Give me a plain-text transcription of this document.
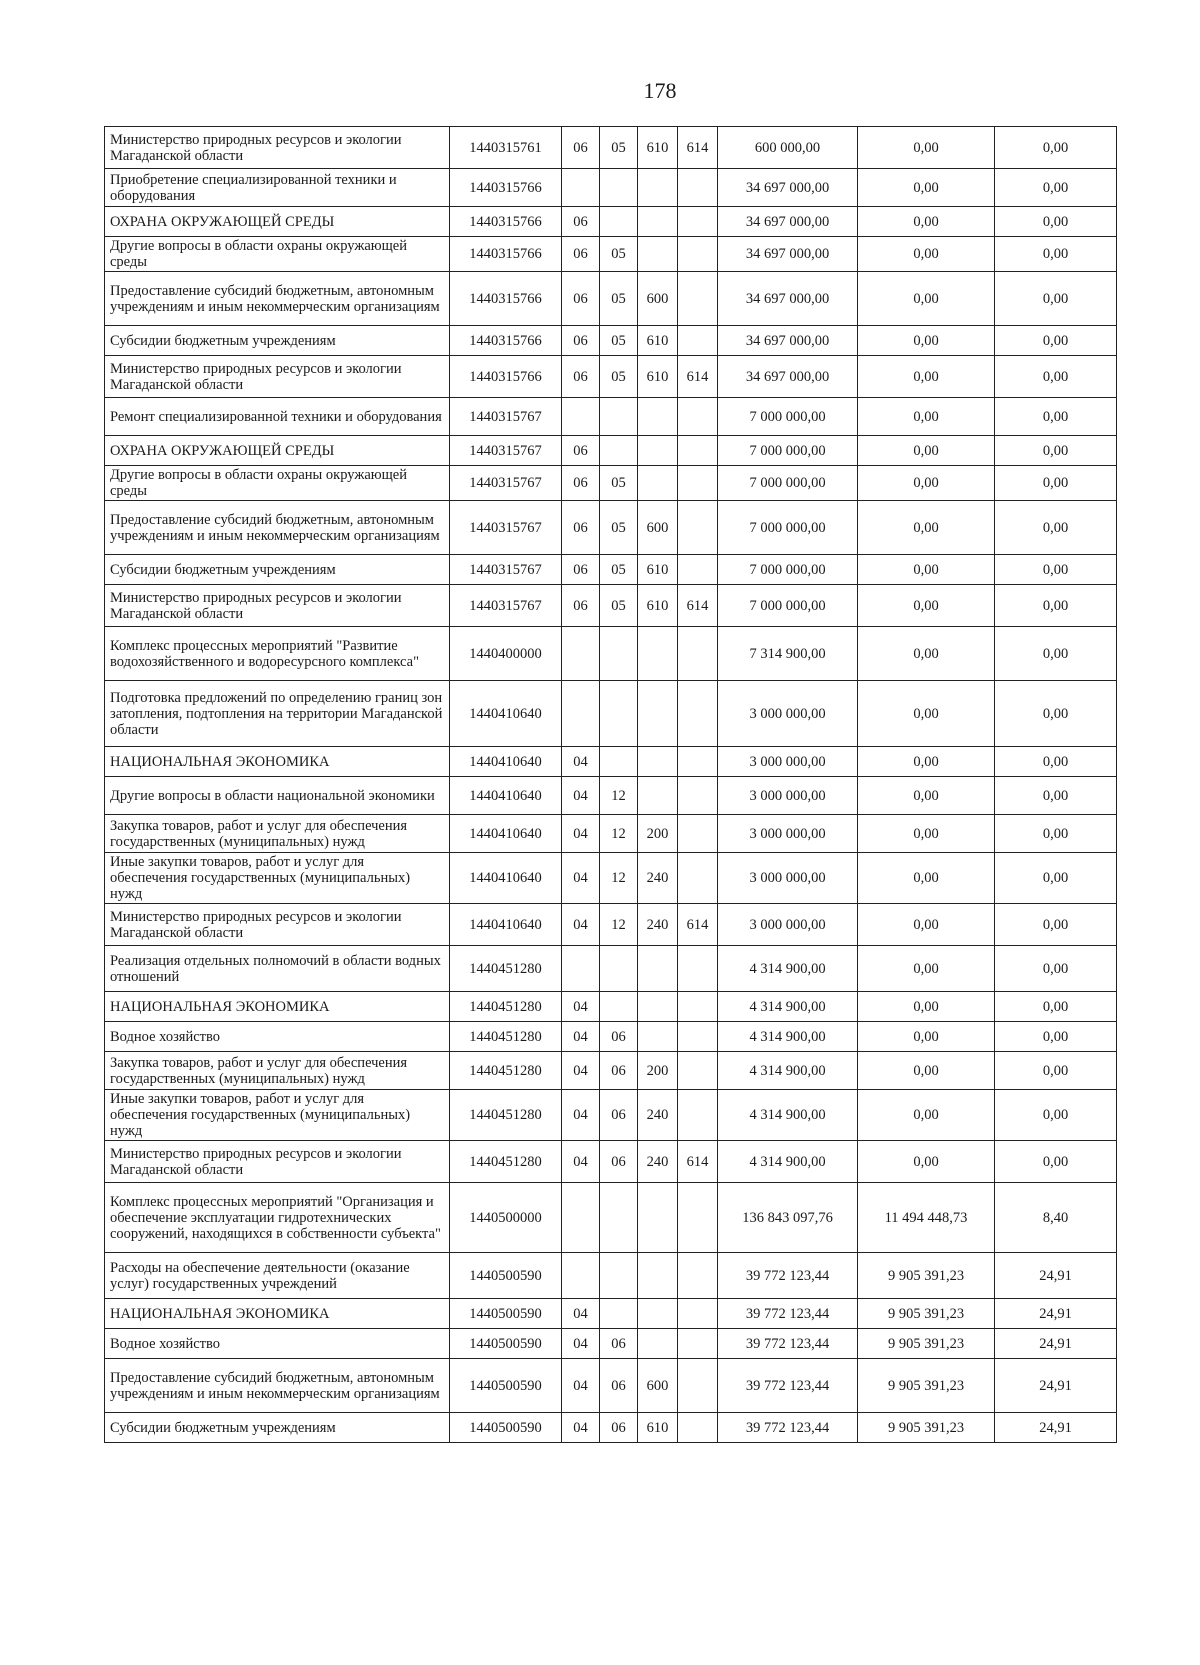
178
Министерство природных ресурсов и экологии Магаданской области	1440315761	06	05	610	614	600 000,00	0,00	0,00
Приобретение специализированной техники и оборудования	1440315766					34 697 000,00	0,00	0,00
ОХРАНА ОКРУЖАЮЩЕЙ СРЕДЫ	1440315766	06				34 697 000,00	0,00	0,00
Другие вопросы в области охраны окружающей среды	1440315766	06	05			34 697 000,00	0,00	0,00
Предоставление субсидий бюджетным, автономным учреждениям и иным некоммерческим организациям	1440315766	06	05	600		34 697 000,00	0,00	0,00
Субсидии бюджетным учреждениям	1440315766	06	05	610		34 697 000,00	0,00	0,00
Министерство природных ресурсов и экологии Магаданской области	1440315766	06	05	610	614	34 697 000,00	0,00	0,00
Ремонт специализированной техники и оборудования	1440315767					7 000 000,00	0,00	0,00
ОХРАНА ОКРУЖАЮЩЕЙ СРЕДЫ	1440315767	06				7 000 000,00	0,00	0,00
Другие вопросы в области охраны окружающей среды	1440315767	06	05			7 000 000,00	0,00	0,00
Предоставление субсидий бюджетным, автономным учреждениям и иным некоммерческим организациям	1440315767	06	05	600		7 000 000,00	0,00	0,00
Субсидии бюджетным учреждениям	1440315767	06	05	610		7 000 000,00	0,00	0,00
Министерство природных ресурсов и экологии Магаданской области	1440315767	06	05	610	614	7 000 000,00	0,00	0,00
Комплекс процессных мероприятий "Развитие водохозяйственного и водоресурсного комплекса"	1440400000					7 314 900,00	0,00	0,00
Подготовка предложений по определению границ зон затопления, подтопления на территории Магаданской области	1440410640					3 000 000,00	0,00	0,00
НАЦИОНАЛЬНАЯ ЭКОНОМИКА	1440410640	04				3 000 000,00	0,00	0,00
Другие вопросы в области национальной экономики	1440410640	04	12			3 000 000,00	0,00	0,00
Закупка товаров, работ и услуг для обеспечения государственных (муниципальных) нужд	1440410640	04	12	200		3 000 000,00	0,00	0,00
Иные закупки товаров, работ и услуг для обеспечения государственных (муниципальных) нужд	1440410640	04	12	240		3 000 000,00	0,00	0,00
Министерство природных ресурсов и экологии Магаданской области	1440410640	04	12	240	614	3 000 000,00	0,00	0,00
Реализация отдельных полномочий в области водных отношений	1440451280					4 314 900,00	0,00	0,00
НАЦИОНАЛЬНАЯ ЭКОНОМИКА	1440451280	04				4 314 900,00	0,00	0,00
Водное хозяйство	1440451280	04	06			4 314 900,00	0,00	0,00
Закупка товаров, работ и услуг для обеспечения государственных (муниципальных) нужд	1440451280	04	06	200		4 314 900,00	0,00	0,00
Иные закупки товаров, работ и услуг для обеспечения государственных (муниципальных) нужд	1440451280	04	06	240		4 314 900,00	0,00	0,00
Министерство природных ресурсов и экологии Магаданской области	1440451280	04	06	240	614	4 314 900,00	0,00	0,00
Комплекс процессных мероприятий "Организация и обеспечение эксплуатации гидротехнических сооружений, находящихся в собственности субъекта"	1440500000					136 843 097,76	11 494 448,73	8,40
Расходы на обеспечение деятельности (оказание услуг) государственных учреждений	1440500590					39 772 123,44	9 905 391,23	24,91
НАЦИОНАЛЬНАЯ ЭКОНОМИКА	1440500590	04				39 772 123,44	9 905 391,23	24,91
Водное хозяйство	1440500590	04	06			39 772 123,44	9 905 391,23	24,91
Предоставление субсидий бюджетным, автономным учреждениям и иным некоммерческим организациям	1440500590	04	06	600		39 772 123,44	9 905 391,23	24,91
Субсидии бюджетным учреждениям	1440500590	04	06	610		39 772 123,44	9 905 391,23	24,91
